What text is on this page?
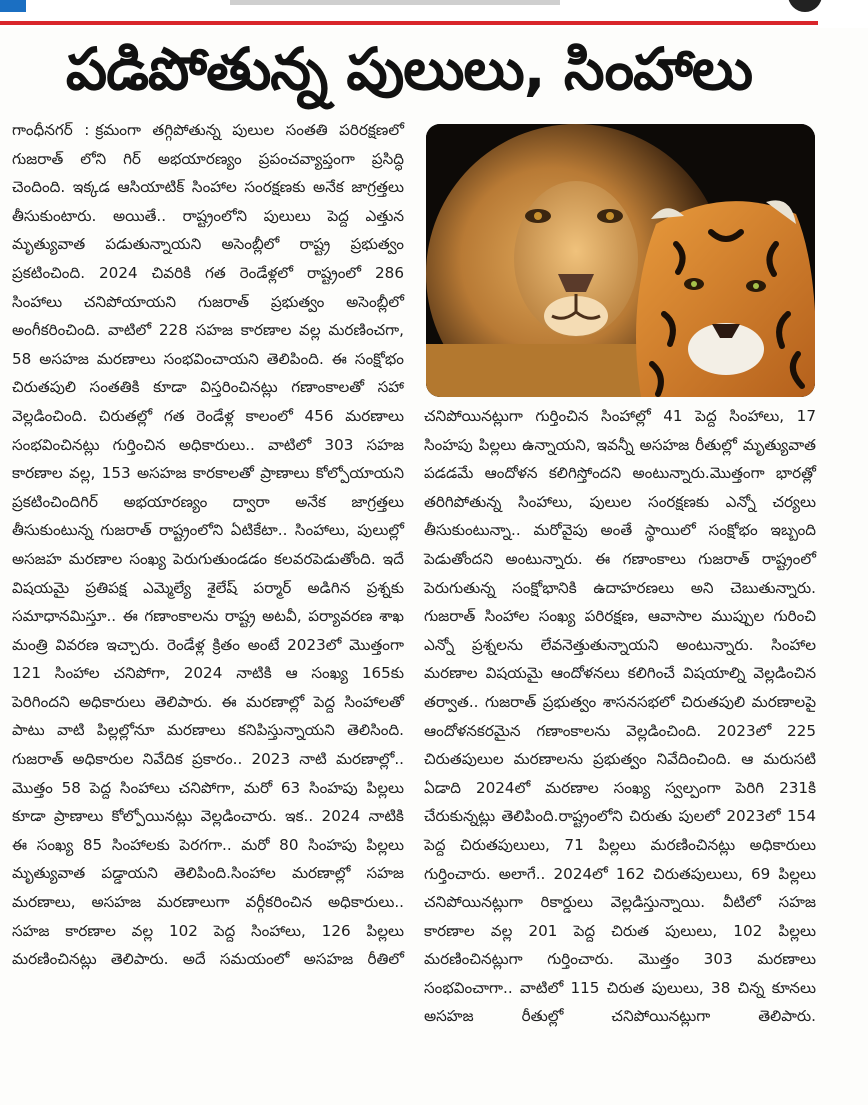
పడిపోతున్న పులులు, సింహాలు

గాంధీనగర్ : క్రమంగా తగ్గిపోతున్న పులుల సంతతి పరిరక్షణలో గుజరాత్ లోని గిర్ అభయారణ్యం ప్రపంచవ్యాప్తంగా ప్రసిద్ధి చెందింది. ఇక్కడ ఆసియాటిక్ సింహాల సంరక్షణకు అనేక జాగ్రత్తలు తీసుకుంటారు. అయితే.. రాష్ట్రంలోని పులులు పెద్ద ఎత్తున మృత్యువాత పడుతున్నాయని అసెంబ్లీలో రాష్ట్ర ప్రభుత్వం ప్రకటించింది. 2024 చివరికి గత రెండేళ్లలో రాష్ట్రంలో 286 సింహాలు చనిపోయాయని గుజరాత్ ప్రభుత్వం అసెంబ్లీలో అంగీకరించింది. వాటిలో 228 సహజ కారణాల వల్ల మరణించగా, 58 అసహజ మరణాలు సంభవించాయని తెలిపింది. ఈ సంక్షోభం చిరుతపులి సంతతికి కూడా విస్తరించినట్లు గణాంకాలతో సహా వెల్లడించింది. చిరుతల్లో గత రెండేళ్ల కాలంలో 456 మరణాలు సంభవించినట్లు గుర్తించిన అధికారులు.. వాటిలో 303 సహజ కారణాల వల్ల, 153 అసహజ కారకాలతో ప్రాణాలు కోల్పోయాయని ప్రకటించిందిగిర్ అభయారణ్యం ద్వారా అనేక జాగ్రత్తలు తీసుకుంటున్న గుజరాత్ రాష్ట్రంలోని ఏటికేటా.. సింహాలు, పులుల్లో అసజహ మరణాల సంఖ్య పెరుగుతుండడం కలవరపెడుతోంది. ఇదే విషయమై ప్రతిపక్ష ఎమ్మెల్యే శైలేష్ పర్మార్ అడిగిన ప్రశ్నకు సమాధానమిస్తూ.. ఈ గణాంకాలను రాష్ట్ర అటవీ, పర్యావరణ శాఖ మంత్రి వివరణ ఇచ్చారు. రెండేళ్ల క్రితం అంటే 2023లో మొత్తంగా 121 సింహాల చనిపోగా, 2024 నాటికి ఆ సంఖ్య 165కు పెరిగిందని అధికారులు తెలిపారు. ఈ మరణాల్లో పెద్ద సింహాలతో పాటు వాటి పిల్లల్లోనూ మరణాలు కనిపిస్తున్నాయని తెలిసింది. గుజరాత్ అధికారుల నివేదిక ప్రకారం.. 2023 నాటి మరణాల్లో.. మొత్తం 58 పెద్ద సింహాలు చనిపోగా, మరో 63 సింహపు పిల్లలు కూడా ప్రాణాలు కోల్పోయినట్లు వెల్లడించారు. ఇక.. 2024 నాటికి ఈ సంఖ్య 85 సింహాలకు పెరగగా.. మరో 80 సింహపు పిల్లలు మృత్యువాత పడ్డాయని తెలిపింది.సింహాల మరణాల్లో సహజ మరణాలు, అసహజ మరణాలుగా వర్గీకరించిన అధికారులు.. సహజ కారణాల వల్ల 102 పెద్ద సింహాలు, 126 పిల్లలు మరణించినట్లు తెలిపారు. అదే సమయంలో అసహజ రీతిలో

చనిపోయినట్లుగా గుర్తించిన సింహాల్లో 41 పెద్ద సింహాలు, 17 సింహపు పిల్లలు ఉన్నాయని, ఇవన్నీ అసహజ రీతుల్లో మృత్యువాత పడడమే ఆందోళన కలిగిస్తోందని అంటున్నారు.మొత్తంగా భారత్లో తరిగిపోతున్న సింహాలు, పులుల సంరక్షణకు ఎన్నో చర్యలు తీసుకుంటున్నా.. మరోవైపు అంతే స్థాయిలో సంక్షోభం ఇబ్బంది పెడుతోందని అంటున్నారు. ఈ గణాంకాలు గుజరాత్ రాష్ట్రంలో పెరుగుతున్న సంక్షోభానికి ఉదాహరణలు అని చెబుతున్నారు. గుజరాత్ సింహాల సంఖ్య పరిరక్షణ, ఆవాసాల ముప్పుల గురించి ఎన్నో ప్రశ్నలను లేవనెత్తుతున్నాయని అంటున్నారు. సింహాల మరణాల విషయమై ఆందోళనలు కలిగించే విషయాల్ని వెల్లడించిన తర్వాత.. గుజరాత్ ప్రభుత్వం శాసనసభలో చిరుతపులి మరణాలపై ఆందోళనకరమైన గణాంకాలను వెల్లడించింది. 2023లో 225 చిరుతపులుల మరణాలను ప్రభుత్వం నివేదించింది. ఆ మరుసటి ఏడాది 2024లో మరణాల సంఖ్య స్వల్పంగా పెరిగి 231కి చేరుకున్నట్లు తెలిపింది.రాష్ట్రంలోని చిరుతు పులలో 2023లో 154 పెద్ద చిరుతపులులు, 71 పిల్లలు మరణించినట్లు అధికారులు గుర్తించారు. అలాగే.. 2024లో 162 చిరుతపులులు, 69 పిల్లలు చనిపోయినట్లుగా రికార్డులు వెల్లడిస్తున్నాయి. వీటిలో సహజ కారణాల వల్ల 201 పెద్ద చిరుత పులులు, 102 పిల్లలు మరణించినట్లుగా గుర్తించారు. మొత్తం 303 మరణాలు సంభవించాగా.. వాటిలో 115 చిరుత పులులు, 38 చిన్న కూనలు అసహజ రీతుల్లో చనిపోయినట్లుగా తెలిపారు.
